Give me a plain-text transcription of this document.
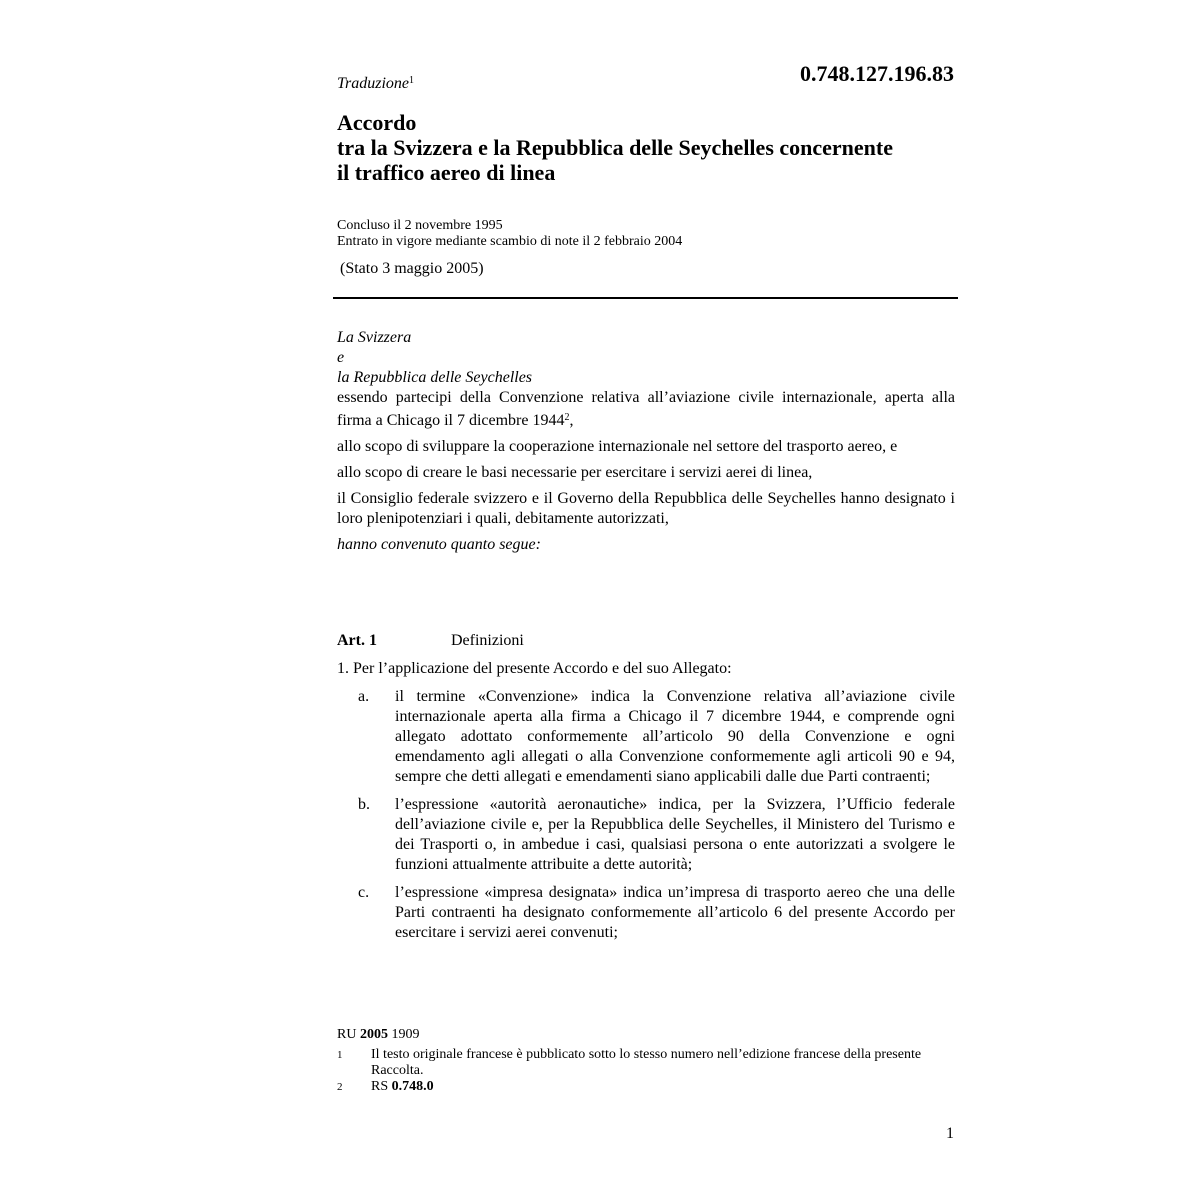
Traduzione$^1$	0.748.127.196.83
Accordo
tra la Svizzera e la Repubblica delle Seychelles concernente
il traffico aereo di linea
Concluso il 2 novembre 1995
Entrato in vigore mediante scambio di note il 2 febbraio 2004
(Stato 3 maggio 2005)

La Svizzera

e

la Repubblica delle Seychelles

essendo partecipi della Convenzione relativa all’aviazione civile internazionale, aperta alla firma a Chicago il 7 dicembre 1944$^2$,

allo scopo di sviluppare la cooperazione internazionale nel settore del trasporto aereo, e

allo scopo di creare le basi necessarie per esercitare i servizi aerei di linea,

il Consiglio federale svizzero e il Governo della Repubblica delle Seychelles hanno designato i loro plenipotenziari i quali, debitamente autorizzati,

hanno convenuto quanto segue:

Art. 1	Definizioni

1. Per l’applicazione del presente Accordo e del suo Allegato:

a.	il termine «Convenzione» indica la Convenzione relativa all’aviazione civile internazionale aperta alla firma a Chicago il 7 dicembre 1944, e comprende ogni allegato adottato conformemente all’articolo 90 della Convenzione e ogni emendamento agli allegati o alla Convenzione conformemente agli articoli 90 e 94, sempre che detti allegati e emendamenti siano applicabili dalle due Parti contraenti;
b.	l’espressione «autorità aeronautiche» indica, per la Svizzera, l’Ufficio federale dell’aviazione civile e, per la Repubblica delle Seychelles, il Ministero del Turismo e dei Trasporti o, in ambedue i casi, qualsiasi persona o ente autorizzati a svolgere le funzioni attualmente attribuite a dette autorità;
c.	l’espressione «impresa designata» indica un’impresa di trasporto aereo che una delle Parti contraenti ha designato conformemente all’articolo 6 del presente Accordo per esercitare i servizi aerei convenuti;
RU 2005 1909
1	Il testo originale francese è pubblicato sotto lo stesso numero nell’edizione francese della presente Raccolta.
2	RS 0.748.0
1
